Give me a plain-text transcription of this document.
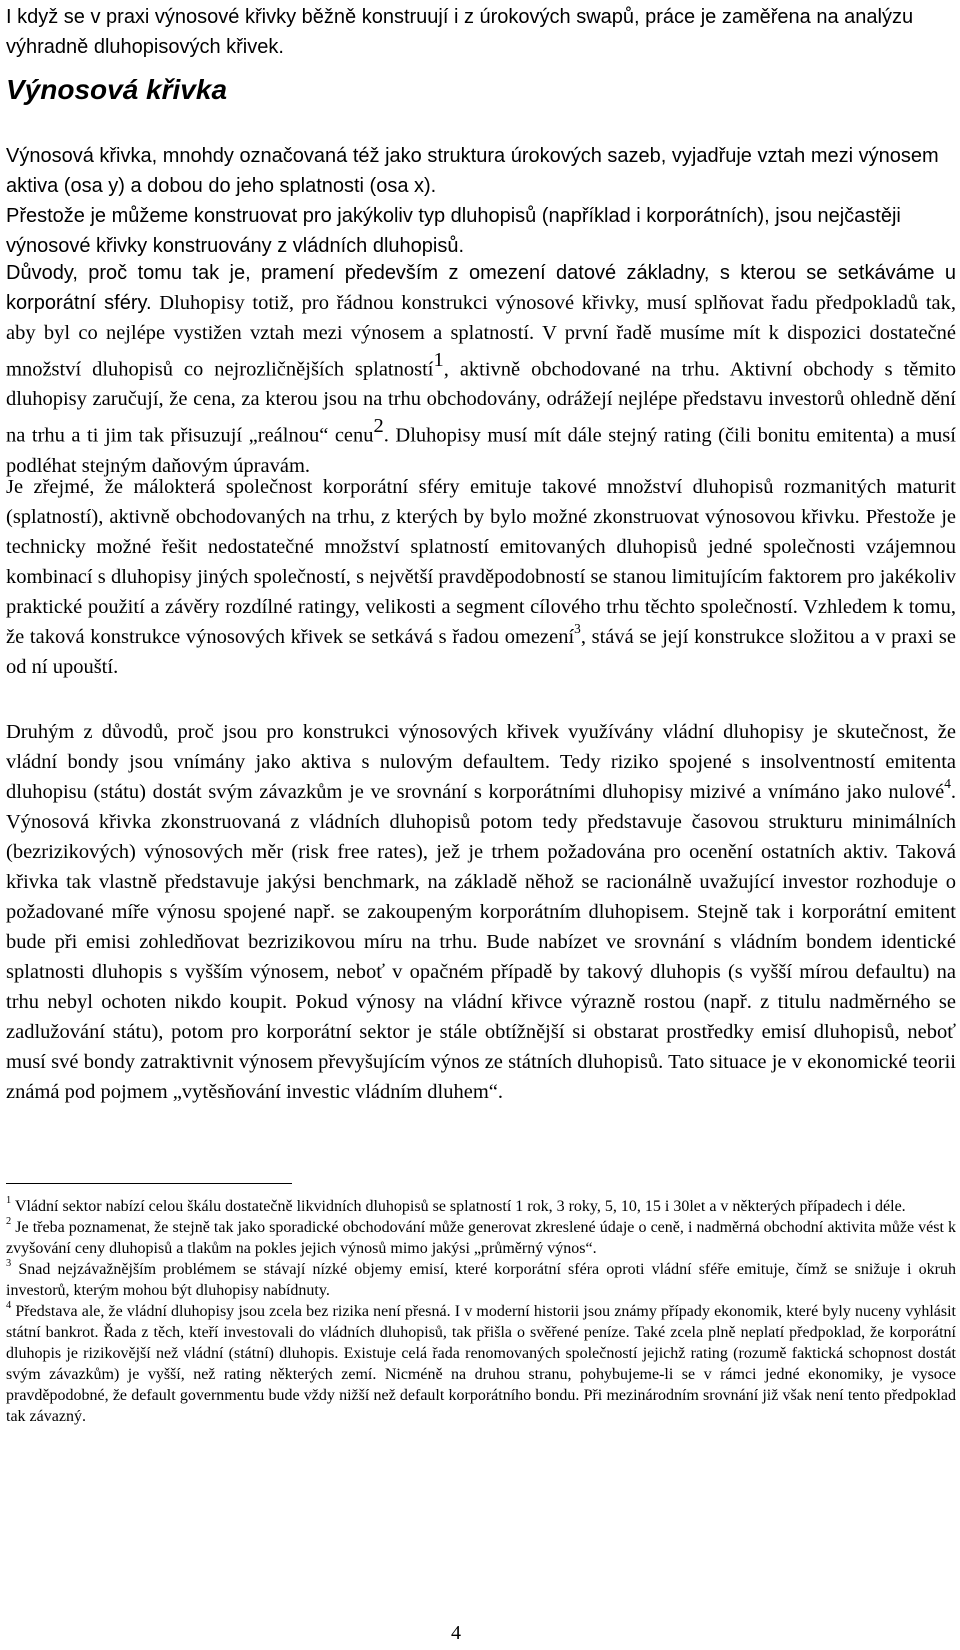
I když se v praxi výnosové křivky běžně konstruují i z úrokových swapů, práce je zaměřena na analýzu výhradně dluhopisových křivek.

Výnosová křivka

Výnosová křivka, mnohdy označovaná též jako struktura úrokových sazeb, vyjadřuje vztah mezi výnosem aktiva (osa y) a dobou do jeho splatnosti (osa x).

Přestože je můžeme konstruovat pro jakýkoliv typ dluhopisů (například i korporátních), jsou nejčastěji výnosové křivky konstruovány z vládních dluhopisů.

Důvody, proč tomu tak je, pramení především z omezení datové základny, s kterou se setkáváme u korporátní sféry. Dluhopisy totiž, pro řádnou konstrukci výnosové křivky, musí splňovat řadu předpokladů tak, aby byl co nejlépe vystižen vztah mezi výnosem a splatností. V první řadě musíme mít k dispozici dostatečné množství dluhopisů co nejrozličnějších splatností$^1$, aktivně obchodované na trhu. Aktivní obchody s těmito dluhopisy zaručují, že cena, za kterou jsou na trhu obchodovány, odrážejí nejlépe představu investorů ohledně dění na trhu a ti jim tak přisuzují „reálnou“ cenu$^2$. Dluhopisy musí mít dále stejný rating (čili bonitu emitenta) a musí podléhat stejným daňovým úpravám.

Je zřejmé, že málokterá společnost korporátní sféry emituje takové množství dluhopisů rozmanitých maturit (splatností), aktivně obchodovaných na trhu, z kterých by bylo možné zkonstruovat výnosovou křivku. Přestože je technicky možné řešit nedostatečné množství splatností emitovaných dluhopisů jedné společnosti vzájemnou kombinací s dluhopisy jiných společností, s největší pravděpodobností se stanou limitujícím faktorem pro jakékoliv praktické použití a závěry rozdílné ratingy, velikosti a segment cílového trhu těchto společností. Vzhledem k tomu, že taková konstrukce výnosových křivek se setkává s řadou omezení$^3$, stává se její konstrukce složitou a v praxi se od ní upouští.

Druhým z důvodů, proč jsou pro konstrukci výnosových křivek využívány vládní dluhopisy je skutečnost, že vládní bondy jsou vnímány jako aktiva s nulovým defaultem. Tedy riziko spojené s insolventností emitenta dluhopisu (státu) dostát svým závazkům je ve srovnání s korporátními dluhopisy mizivé a vnímáno jako nulové$^4$. Výnosová křivka zkonstruovaná z vládních dluhopisů potom tedy představuje časovou strukturu minimálních (bezrizikových) výnosových měr (risk free rates), jež je trhem požadována pro ocenění ostatních aktiv. Taková křivka tak vlastně představuje jakýsi benchmark, na základě něhož se racionálně uvažující investor rozhoduje o požadované míře výnosu spojené např. se zakoupeným korporátním dluhopisem. Stejně tak i korporátní emitent bude při emisi zohledňovat bezrizikovou míru na trhu. Bude nabízet ve srovnání s vládním bondem identické splatnosti dluhopis s vyšším výnosem, neboť v opačném případě by takový dluhopis (s vyšší mírou defaultu) na trhu nebyl ochoten nikdo koupit. Pokud výnosy na vládní křivce výrazně rostou (např. z titulu nadměrného se zadlužování státu), potom pro korporátní sektor je stále obtížnější si obstarat prostředky emisí dluhopisů, neboť musí své bondy zatraktivnit výnosem převyšujícím výnos ze státních dluhopisů. Tato situace je v ekonomické teorii známá pod pojmem „vytěsňování investic vládním dluhem“.

$^1$ Vládní sektor nabízí celou škálu dostatečně likvidních dluhopisů se splatností 1 rok, 3 roky, 5, 10, 15 i 30let a v některých případech i déle.

$^2$ Je třeba poznamenat, že stejně tak jako sporadické obchodování může generovat zkreslené údaje o ceně, i nadměrná obchodní aktivita může vést k zvyšování ceny dluhopisů a tlakům na pokles jejich výnosů mimo jakýsi „průměrný výnos“.

$^3$ Snad nejzávažnějším problémem se stávají nízké objemy emisí, které korporátní sféra oproti vládní sféře emituje, čímž se snižuje i okruh investorů, kterým mohou být dluhopisy nabídnuty.

$^4$ Představa ale, že vládní dluhopisy jsou zcela bez rizika není přesná. I v moderní historii jsou známy případy ekonomik, které byly nuceny vyhlásit státní bankrot. Řada z těch, kteří investovali do vládních dluhopisů, tak přišla o svěřené peníze. Také zcela plně neplatí předpoklad, že korporátní dluhopis je rizikovější než vládní (státní) dluhopis. Existuje celá řada renomovaných společností jejichž rating (rozumě faktická schopnost dostát svým závazkům) je vyšší, než rating některých zemí. Nicméně na druhou stranu, pohybujeme-li se v rámci jedné ekonomiky, je vysoce pravděpodobné, že default governmentu bude vždy nižší než default korporátního bondu. Při mezinárodním srovnání již však není tento předpoklad tak závazný.

4
